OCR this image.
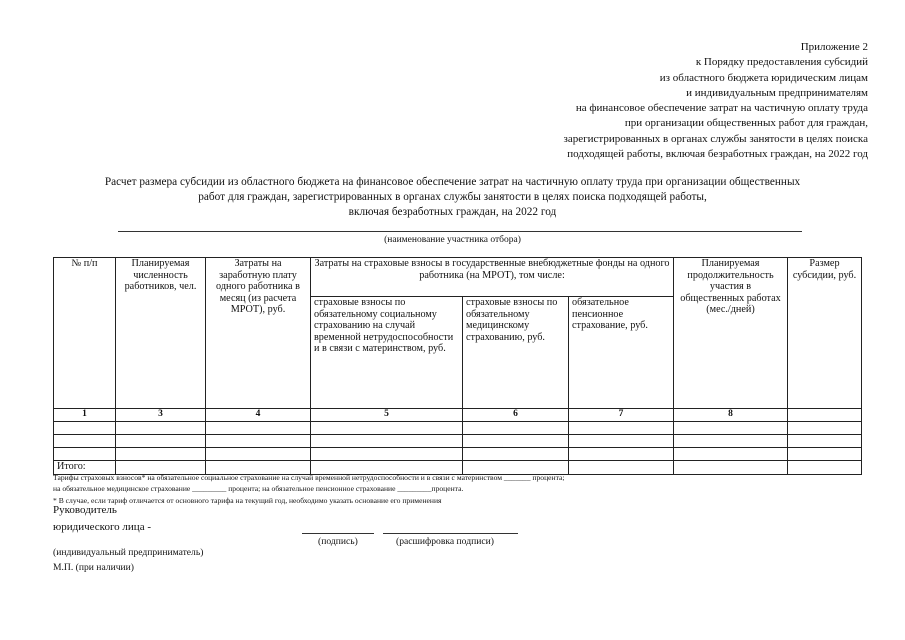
Приложение 2
к Порядку предоставления субсидий
из областного бюджета юридическим лицам
и индивидуальным предпринимателям
на финансовое обеспечение затрат на частичную оплату труда
при организации общественных работ для граждан,
зарегистрированных в органах службы занятости в целях поиска
подходящей работы, включая безработных граждан, на 2022 год
Расчет размера субсидии из областного бюджета на финансовое обеспечение затрат на частичную оплату труда при организации общественных
работ для граждан, зарегистрированных в органах службы занятости в целях поиска подходящей работы,
включая безработных граждан, на 2022 год
(наименование участника отбора)
№ п/п	Планируемая численность работников, чел.	Затраты на заработную плату одного работника в месяц (из расчета МРОТ), руб.	Затраты на страховые взносы в государственные внебюджетные фонды на одного работника (на МРОТ), том числе:			Планируемая продолжительность участия в общественных работах (мес./дней)	Размер субсидии, руб.
			страховые взносы по обязательному социальному страхованию на случай временной нетрудоспособности и в связи с материнством, руб.	страховые взносы по обязательному медицинскому страхованию, руб.	обязательное пенсионное страхование, руб.		
1	3	4	5	6	7	8	

Итого:							
Тарифы страховых взносов* на обязательное социальное страхование на случай временной нетрудоспособности и в связи с материнством _______ процента;
на обязательное медицинское страхование _________ процента; на обязательное пенсионное страхование _________процента.
* В случае, если тариф отличается от основного тарифа на текущий год, необходимо указать основание его применения
Руководитель
юридического лица -
(подпись)	(расшифровка подписи)
(индивидуальный предприниматель)
М.П. (при наличии)
